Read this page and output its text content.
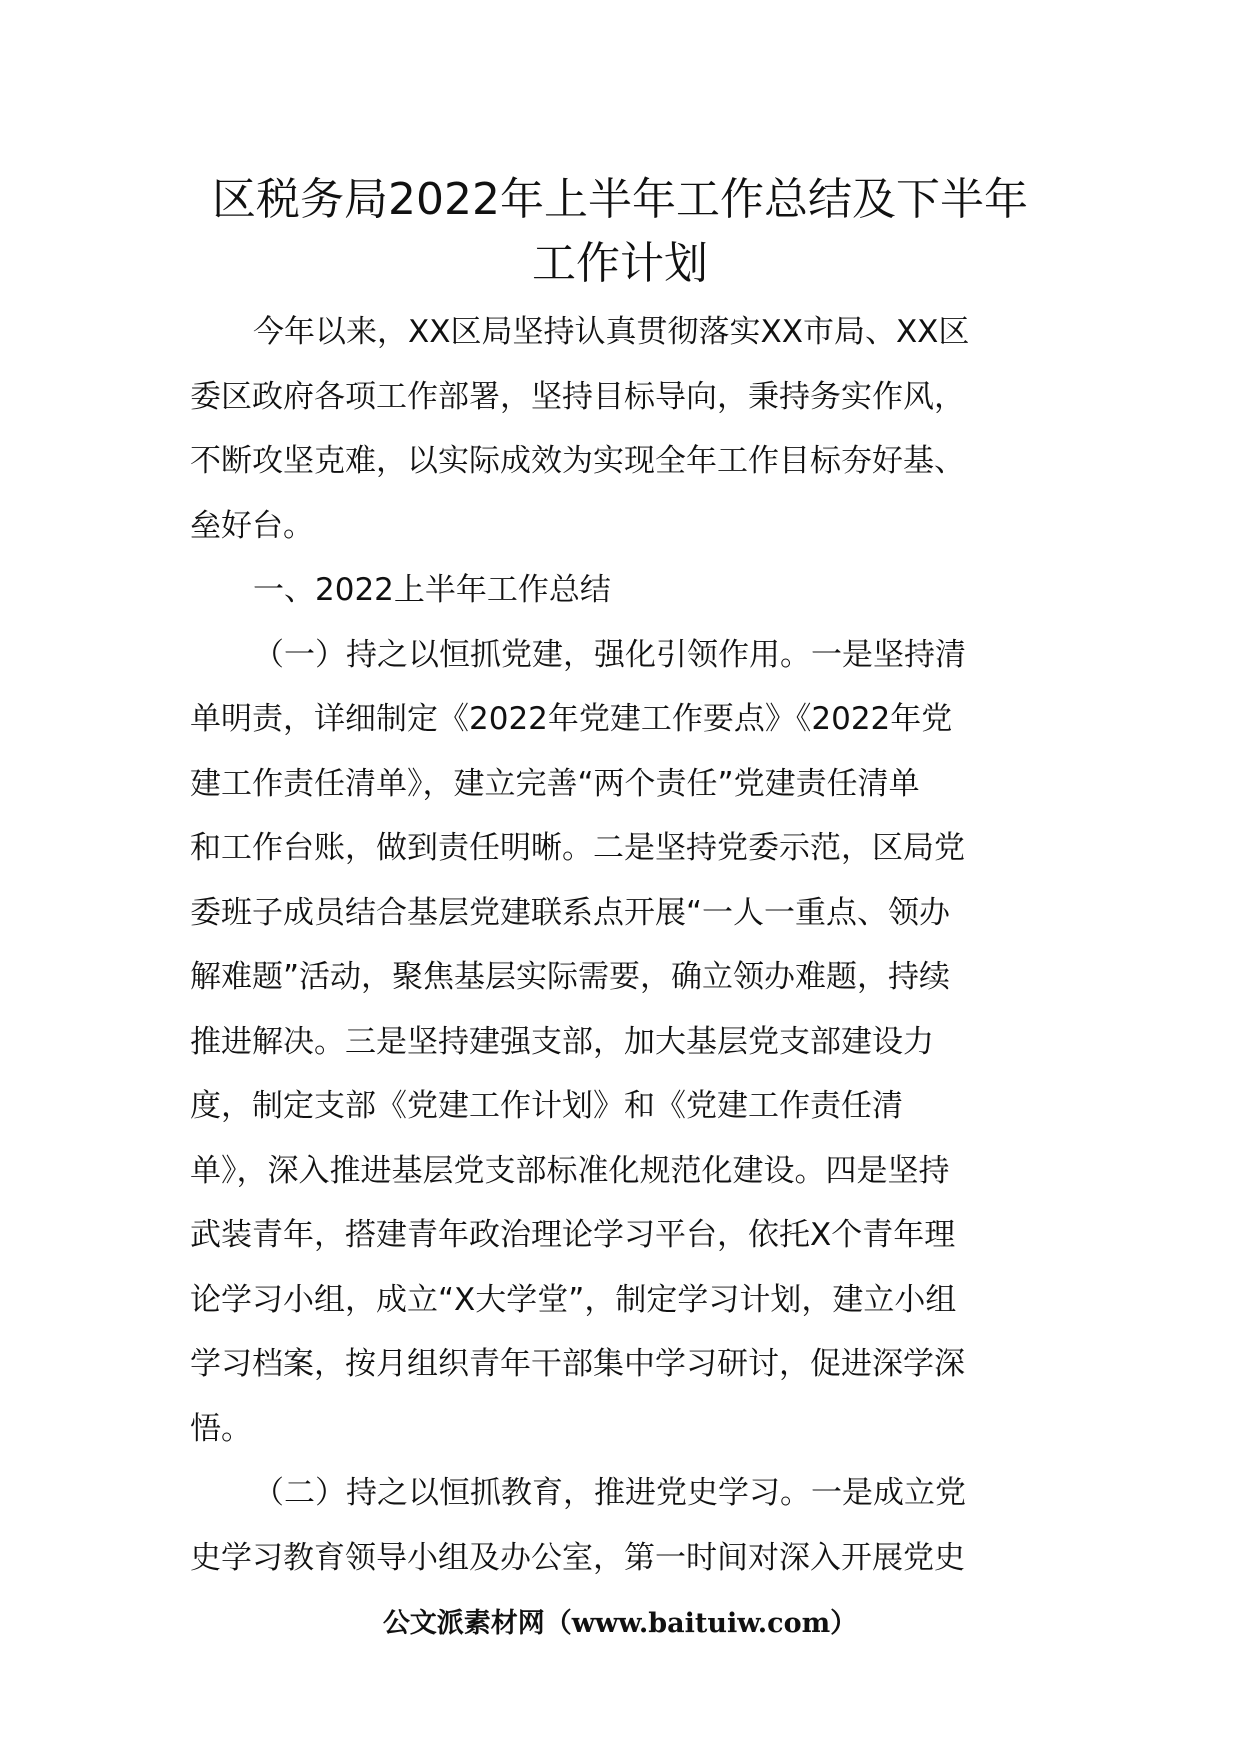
区税务局2022年上半年工作总结及下半年
工作计划
今年以来，XX区局坚持认真贯彻落实XX市局、XX区
委区政府各项工作部署，坚持目标导向，秉持务实作风，
不断攻坚克难，以实际成效为实现全年工作目标夯好基、
垒好台。
一、2022上半年工作总结
（一）持之以恒抓党建，强化引领作用。一是坚持清
单明责，详细制定《2022年党建工作要点》《2022年党
建工作责任清单》，建立完善“两个责任”党建责任清单
和工作台账，做到责任明晰。二是坚持党委示范，区局党
委班子成员结合基层党建联系点开展“一人一重点、领办
解难题”活动，聚焦基层实际需要，确立领办难题，持续
推进解决。三是坚持建强支部，加大基层党支部建设力
度，制定支部《党建工作计划》和《党建工作责任清
单》，深入推进基层党支部标准化规范化建设。四是坚持
武装青年，搭建青年政治理论学习平台，依托X个青年理
论学习小组，成立“X大学堂”，制定学习计划，建立小组
学习档案，按月组织青年干部集中学习研讨，促进深学深
悟。
（二）持之以恒抓教育，推进党史学习。一是成立党
史学习教育领导小组及办公室，第一时间对深入开展党史
公文派素材网（www.baituiw.com）
